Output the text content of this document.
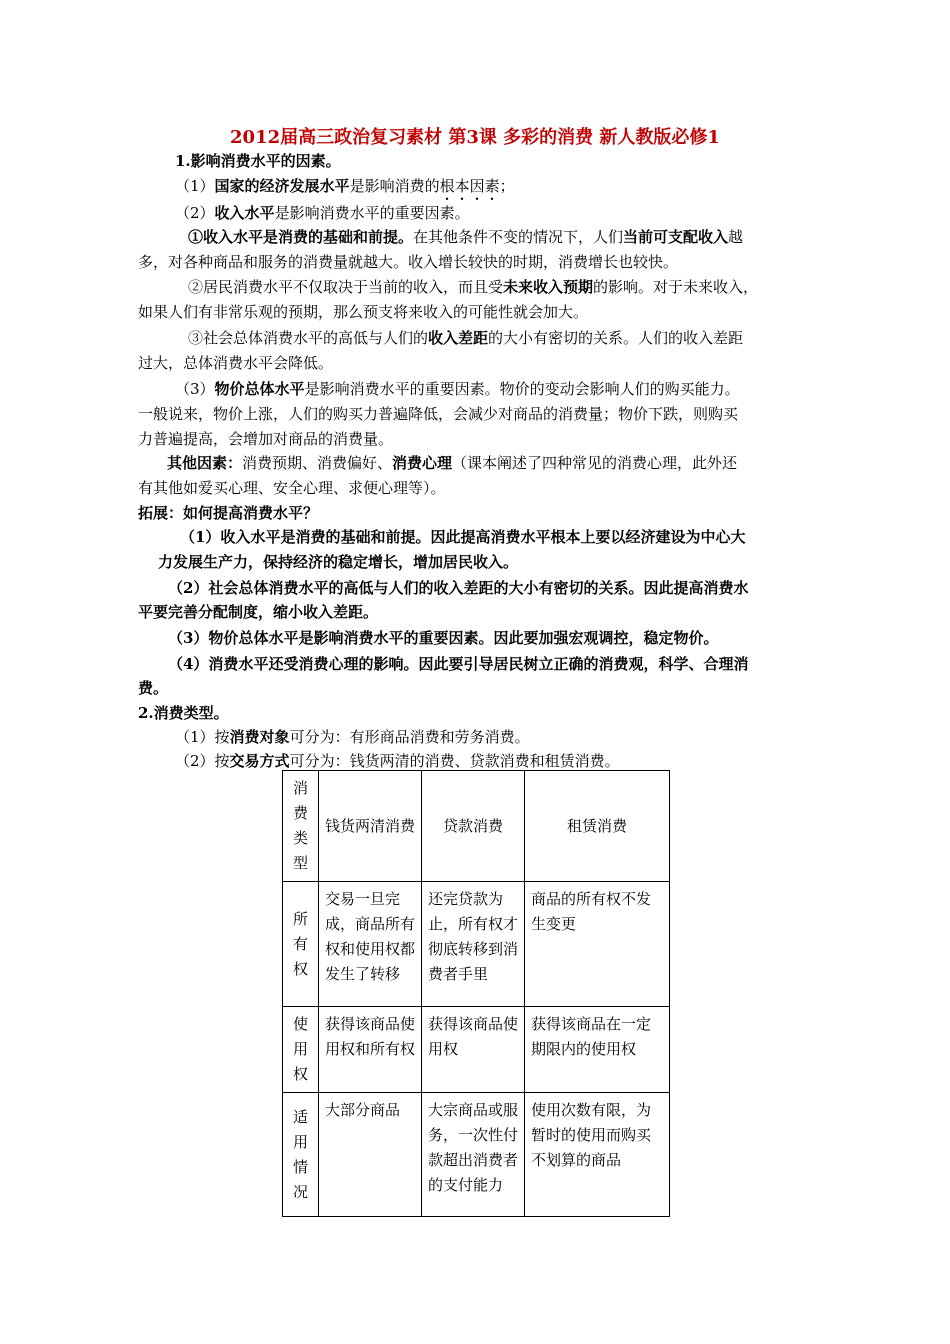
2012届高三政治复习素材 第3课 多彩的消费 新人教版必修1
1.影响消费水平的因素。
（1）国家的经济发展水平是影响消费的根本因素；
（2）收入水平是影响消费水平的重要因素。
①收入水平是消费的基础和前提。在其他条件不变的情况下，人们当前可支配收入越
多，对各种商品和服务的消费量就越大。收入增长较快的时期，消费增长也较快。
②居民消费水平不仅取决于当前的收入，而且受未来收入预期的影响。对于未来收入，
如果人们有非常乐观的预期，那么预支将来收入的可能性就会加大。
③社会总体消费水平的高低与人们的收入差距的大小有密切的关系。人们的收入差距
过大，总体消费水平会降低。
（3）物价总体水平是影响消费水平的重要因素。物价的变动会影响人们的购买能力。
一般说来，物价上涨，人们的购买力普遍降低，会减少对商品的消费量；物价下跌，则购买
力普遍提高，会增加对商品的消费量。
其他因素：消费预期、消费偏好、消费心理（课本阐述了四种常见的消费心理，此外还
有其他如爱买心理、安全心理、求便心理等）。
拓展：如何提高消费水平？
（1）收入水平是消费的基础和前提。因此提高消费水平根本上要以经济建设为中心大
力发展生产力，保持经济的稳定增长，增加居民收入。
（2）社会总体消费水平的高低与人们的收入差距的大小有密切的关系。因此提高消费水
平要完善分配制度，缩小收入差距。
（3）物价总体水平是影响消费水平的重要因素。因此要加强宏观调控，稳定物价。
（4）消费水平还受消费心理的影响。因此要引导居民树立正确的消费观，科学、合理消
费。
2.消费类型。
（1）按消费对象可分为：有形商品消费和劳务消费。
（2）按交易方式可分为：钱货两清的消费、贷款消费和租赁消费。
消费类型	钱货两清消费	贷款消费	租赁消费
所有权	交易一旦完成，商品所有权和使用权都发生了转移	还完贷款为止，所有权才彻底转移到消费者手里	商品的所有权不发生变更
使用权	获得该商品使用权和所有权	获得该商品使用权	获得该商品在一定期限内的使用权
适用情况	大部分商品	大宗商品或服务，一次性付款超出消费者的支付能力	使用次数有限，为暂时的使用而购买不划算的商品
